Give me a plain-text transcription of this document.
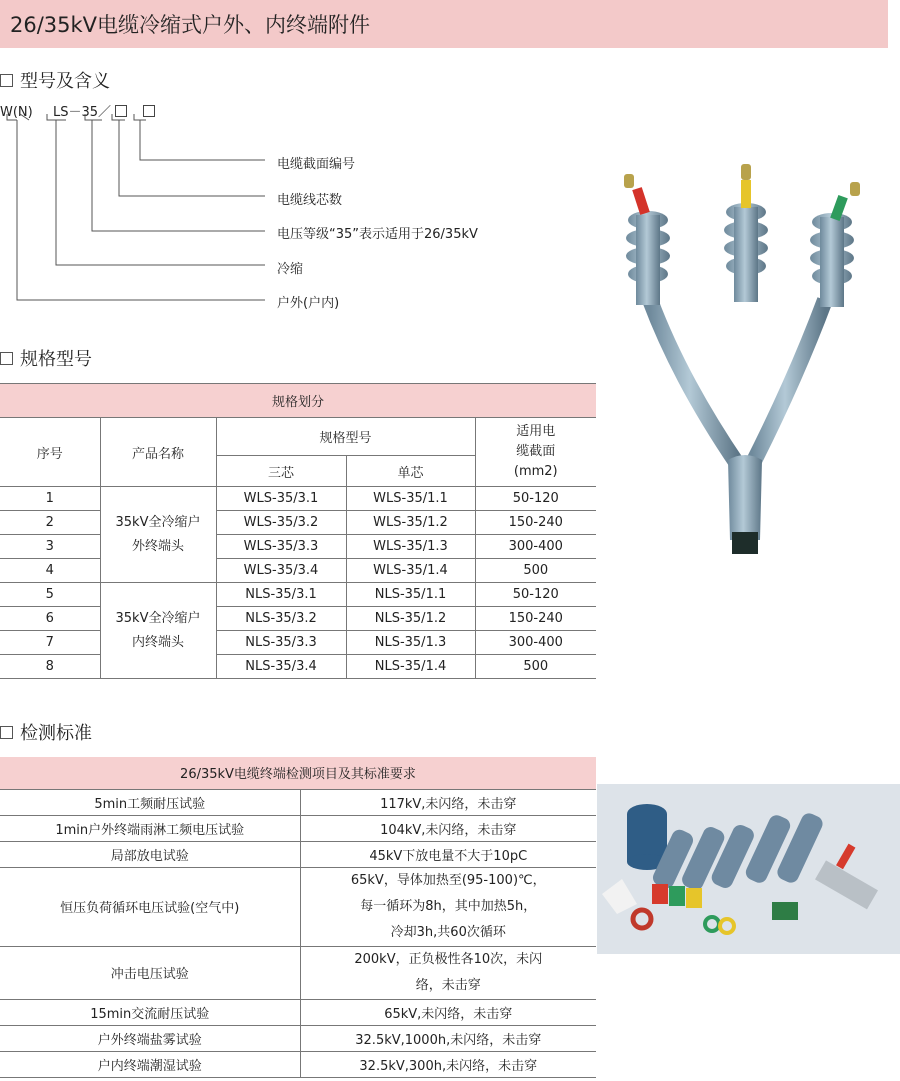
26/35kV电缆冷缩式户外、内终端附件
型号及含义
W(N) LS－35／
电缆截面编号
电缆线芯数
电压等级“35”表示适用于26/35kV
冷缩
户外(户内)
规格型号
规格划分				
序号	产品名称	规格型号		适用电
缆截面
(mm2)

		三芯	单芯	
1	35kV全冷缩户
外终端头	WLS-35/3.1	WLS-35/1.1	50-120
2		WLS-35/3.2	WLS-35/1.2	150-240
3		WLS-35/3.3	WLS-35/1.3	300-400
4		WLS-35/3.4	WLS-35/1.4	500
5	35kV全冷缩户
内终端头	NLS-35/3.1	NLS-35/1.1	50-120
6		NLS-35/3.2	NLS-35/1.2	150-240
7		NLS-35/3.3	NLS-35/1.3	300-400
8		NLS-35/3.4	NLS-35/1.4	500
检测标准
26/35kV电缆终端检测项目及其标准要求	
5min工频耐压试验	117kV,未闪络，未击穿
1min户外终端雨淋工频电压试验	104kV,未闪络，未击穿
局部放电试验	45kV下放电量不大于10pC
恒压负荷循环电压试验(空气中)	65kV，导体加热至(95-100)℃，
每一循环为8h，其中加热5h，
冷却3h,共60次循环

冲击电压试验	200kV，正负极性各10次，未闪
络，未击穿

15min交流耐压试验	65kV,未闪络，未击穿
户外终端盐雾试验	32.5kV,1000h,未闪络，未击穿
户内终端潮湿试验	32.5kV,300h,未闪络，未击穿
